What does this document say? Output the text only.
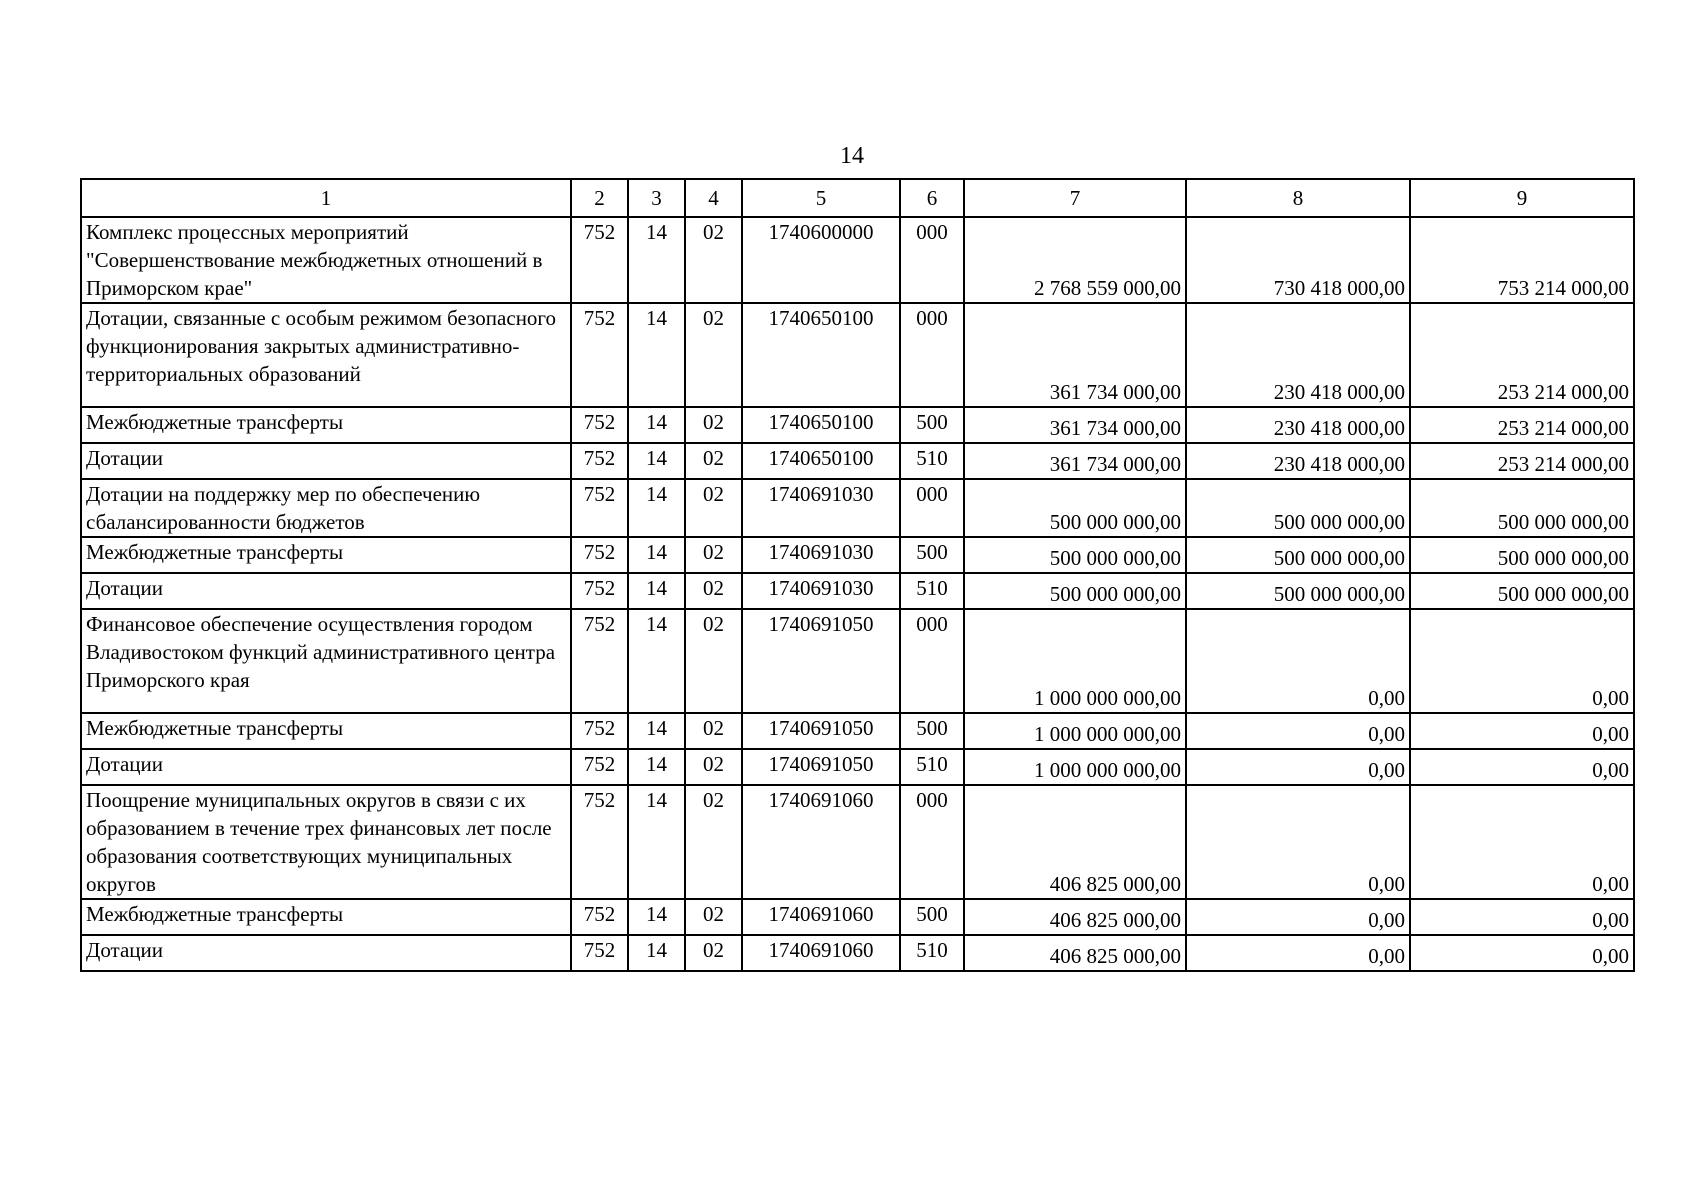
14
1	2	3	4	5	6	7	8	9
Комплекс процессных мероприятий "Совершенствование межбюджетных отношений в Приморском крае"	752	14	02	1740600000	000	2 768 559 000,00	730 418 000,00	753 214 000,00
Дотации, связанные с особым режимом безопасного функционирования закрытых административно-территориальных образований	752	14	02	1740650100	000	361 734 000,00	230 418 000,00	253 214 000,00
Межбюджетные трансферты	752	14	02	1740650100	500	361 734 000,00	230 418 000,00	253 214 000,00
Дотации	752	14	02	1740650100	510	361 734 000,00	230 418 000,00	253 214 000,00
Дотации на поддержку мер по обеспечению сбалансированности бюджетов	752	14	02	1740691030	000	500 000 000,00	500 000 000,00	500 000 000,00
Межбюджетные трансферты	752	14	02	1740691030	500	500 000 000,00	500 000 000,00	500 000 000,00
Дотации	752	14	02	1740691030	510	500 000 000,00	500 000 000,00	500 000 000,00
Финансовое обеспечение осуществления городом Владивостоком функций административного центра Приморского края	752	14	02	1740691050	000	1 000 000 000,00	0,00	0,00
Межбюджетные трансферты	752	14	02	1740691050	500	1 000 000 000,00	0,00	0,00
Дотации	752	14	02	1740691050	510	1 000 000 000,00	0,00	0,00
Поощрение муниципальных округов в связи с их образованием в течение трех финансовых лет после образования соответствующих муниципальных округов	752	14	02	1740691060	000	406 825 000,00	0,00	0,00
Межбюджетные трансферты	752	14	02	1740691060	500	406 825 000,00	0,00	0,00
Дотации	752	14	02	1740691060	510	406 825 000,00	0,00	0,00
